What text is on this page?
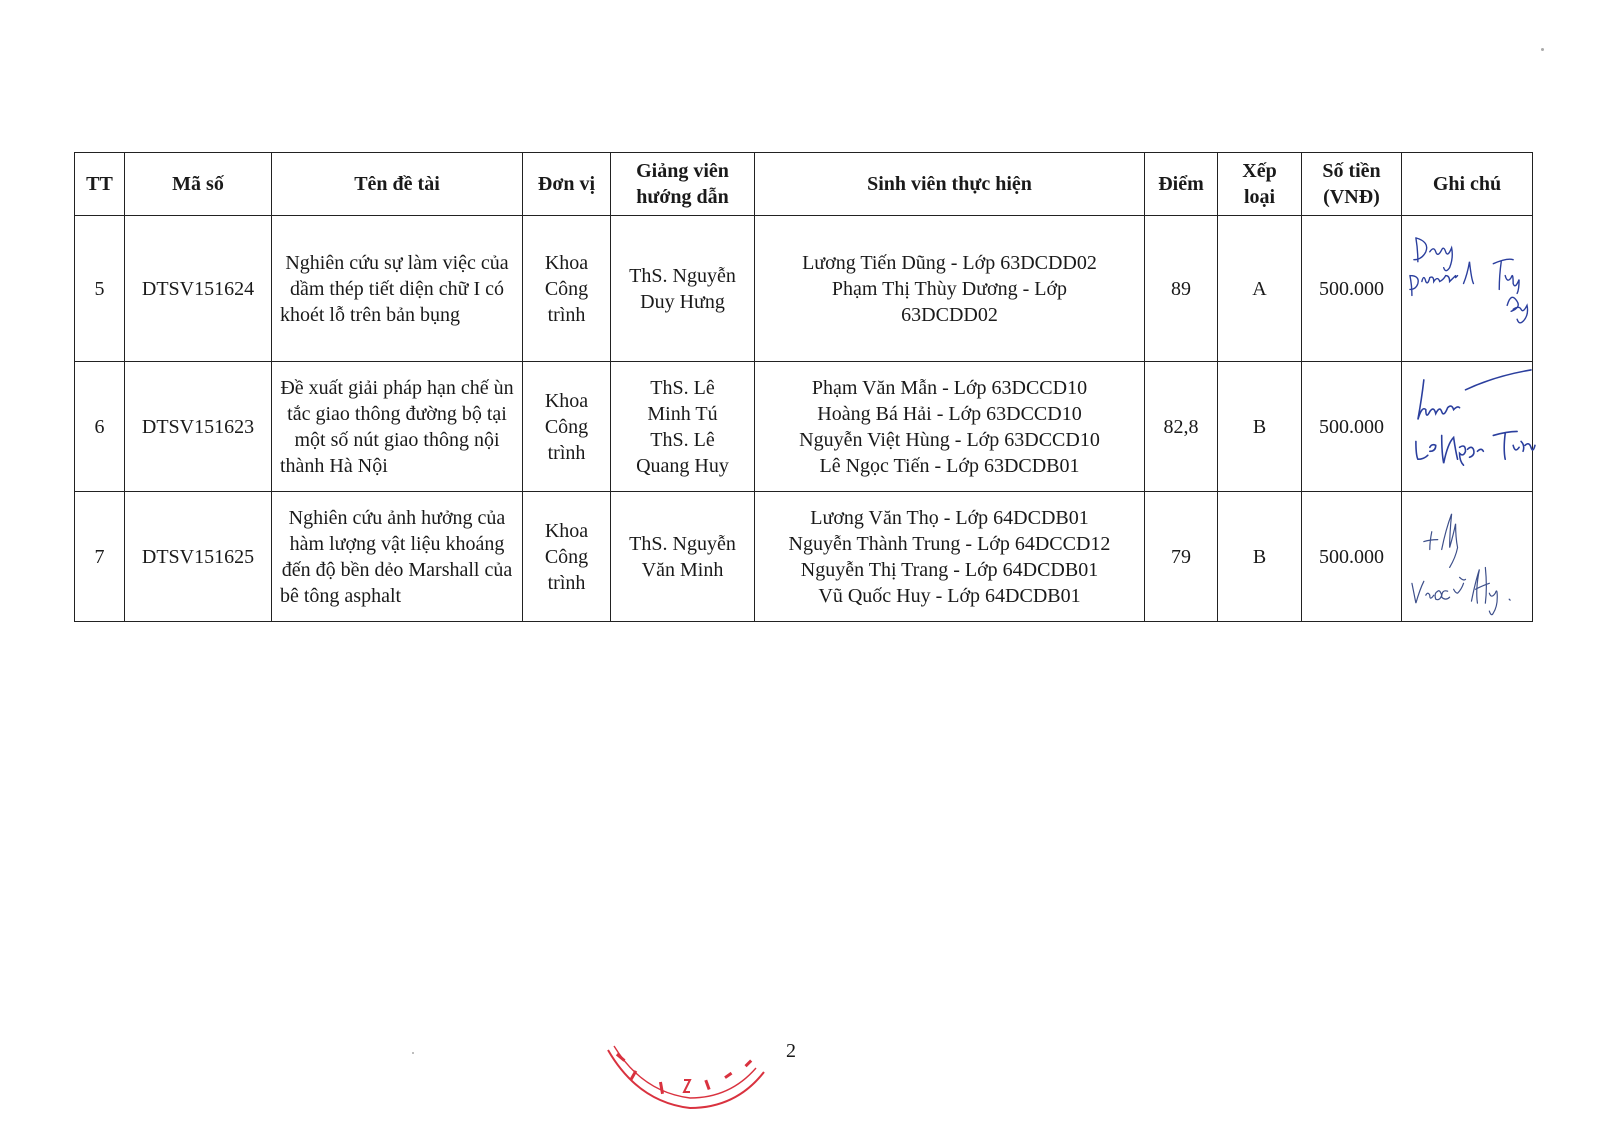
TT	Mã số	Tên đề tài	Đơn vị	Giảng viên
hướng dẫn	Sinh viên thực hiện	Điểm	Xếp
loại	Số tiền
(VNĐ)	Ghi chú
5	DTSV151624	Nghiên cứu sự làm việc của dầm thép tiết diện chữ I có khoét lỗ trên bản bụng	Khoa
Công
trình	ThS. Nguyễn
Duy Hưng	Lương Tiến Dũng - Lớp 63DCDD02
Phạm Thị Thùy Dương - Lớp
63DCDD02	89	A	500.000	

6	DTSV151623	Đề xuất giải pháp hạn chế ùn tắc giao thông đường bộ tại một số nút giao thông nội thành Hà Nội	Khoa
Công
trình	ThS. Lê
Minh Tú
ThS. Lê
Quang Huy	Phạm Văn Mẫn - Lớp 63DCCD10
Hoàng Bá Hải - Lớp 63DCCD10
Nguyễn Việt Hùng - Lớp 63DCCD10
Lê Ngọc Tiến - Lớp 63DCDB01	82,8	B	500.000	

7	DTSV151625	Nghiên cứu ảnh hưởng của hàm lượng vật liệu khoáng đến độ bền dẻo Marshall của bê tông asphalt	Khoa
Công
trình	ThS. Nguyễn
Văn Minh	Lương Văn Thọ - Lớp 64DCDB01
Nguyễn Thành Trung - Lớp 64DCCD12
Nguyễn Thị Trang - Lớp 64DCDB01
Vũ Quốc Huy - Lớp 64DCDB01	79	B	500.000	
2
